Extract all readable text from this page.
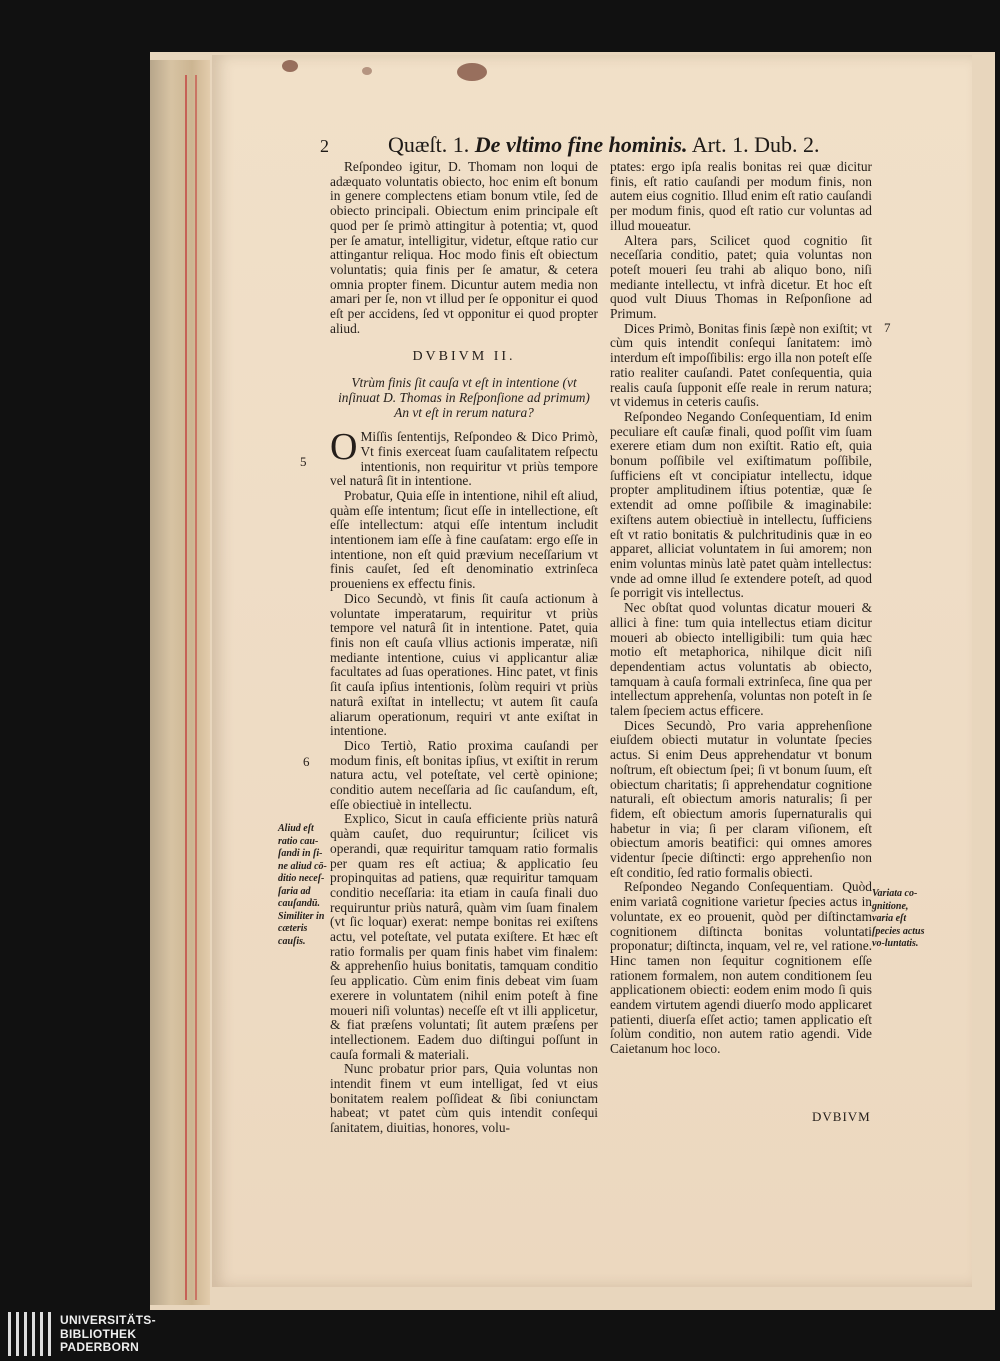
2	Quæſt. 1. De vltimo fine hominis. Art. 1. Dub. 2.

Reſpondeo igitur, D. Thomam non loqui de adæquato voluntatis obiecto, hoc enim eſt bonum in genere complectens etiam bonum vtile, ſed de obiecto principali. Obiectum enim principale eſt quod per ſe primò attingitur à potentia; vt, quod per ſe amatur, intelligitur, videtur, eſtque ratio cur attingantur reliqua. Hoc modo finis eſt obiectum voluntatis; quia finis per ſe amatur, & cetera omnia propter finem. Dicuntur autem media non amari per ſe, non vt illud per ſe opponitur ei quod eſt per accidens, ſed vt opponitur ei quod propter aliud.

DVBIVM II.
Vtrùm finis ſit cauſa vt eſt in intentione (vt inſinuat D. Thomas in Reſponſione ad primum) An vt eſt in rerum natura?

O Miſſis ſententijs, Reſpondeo & Dico Primò, Vt finis exerceat ſuam cauſalitatem reſpectu intentionis, non requiritur vt priùs tempore vel naturâ ſit in intentione.

Probatur, Quia eſſe in intentione, nihil eſt aliud, quàm eſſe intentum; ſicut eſſe in intellectione, eſt eſſe intellectum: atqui eſſe intentum includit intentionem iam eſſe à fine cauſatam: ergo eſſe in intentione, non eſt quid prævium neceſſarium vt finis cauſet, ſed eſt denominatio extrinſeca proueniens ex effectu finis.

Dico Secundò, vt finis ſit cauſa actionum à voluntate imperatarum, requiritur vt priùs tempore vel naturâ ſit in intentione. Patet, quia finis non eſt cauſa vllius actionis imperatæ, niſi mediante intentione, cuius vi applicantur aliæ facultates ad ſuas operationes. Hinc patet, vt finis ſit cauſa ipſius intentionis, ſolùm requiri vt priùs naturâ exiſtat in intellectu; vt autem ſit cauſa aliarum operationum, requiri vt ante exiſtat in intentione.

Dico Tertiò, Ratio proxima cauſandi per modum finis, eſt bonitas ipſius, vt exiſtit in rerum natura actu, vel poteſtate, vel certè opinione; conditio autem neceſſaria ad ſic cauſandum, eſt, eſſe obiectiuè in intellectu.

Explico, Sicut in cauſa efficiente priùs naturâ quàm cauſet, duo requiruntur; ſcilicet vis operandi, quæ requiritur tamquam ratio formalis per quam res eſt actiua; & applicatio ſeu propinquitas ad patiens, quæ requiritur tamquam conditio neceſſaria: ita etiam in cauſa finali duo requiruntur priùs naturâ, quàm vim ſuam finalem (vt ſic loquar) exerat: nempe bonitas rei exiſtens actu, vel poteſtate, vel putata exiſtere. Et hæc eſt ratio formalis per quam finis habet vim finalem: & apprehenſio huius bonitatis, tamquam conditio ſeu applicatio. Cùm enim finis debeat vim ſuam exerere in voluntatem (nihil enim poteſt à fine moueri niſi voluntas) neceſſe eſt vt illi applicetur, & fiat præſens voluntati; ſit autem præſens per intellectionem. Eadem duo diſtingui poſſunt in cauſa formali & materiali.

Nunc probatur prior pars, Quia voluntas non intendit finem vt eum intelligat, ſed vt eius bonitatem realem poſſideat & ſibi coniunctam habeat; vt patet cùm quis intendit conſequi ſanitatem, diuitias, honores, volu-

ptates: ergo ipſa realis bonitas rei quæ dicitur finis, eſt ratio cauſandi per modum finis, non autem eius cognitio. Illud enim eſt ratio cauſandi per modum finis, quod eſt ratio cur voluntas ad illud moueatur.

Altera pars, Scilicet quod cognitio ſit neceſſaria conditio, patet; quia voluntas non poteſt moueri ſeu trahi ab aliquo bono, niſi mediante intellectu, vt infrà dicetur. Et hoc eſt quod vult Diuus Thomas in Reſponſione ad Primum.

Dices Primò, Bonitas finis ſæpè non exiſtit; vt cùm quis intendit conſequi ſanitatem: imò interdum eſt impoſſibilis: ergo illa non poteſt eſſe ratio realiter cauſandi. Patet conſequentia, quia realis cauſa ſupponit eſſe reale in rerum natura; vt videmus in ceteris cauſis.

Reſpondeo Negando Conſequentiam, Id enim peculiare eſt cauſæ finali, quod poſſit vim ſuam exerere etiam dum non exiſtit. Ratio eſt, quia bonum poſſibile vel exiſtimatum poſſibile, ſufficiens eſt vt concipiatur intellectu, idque propter amplitudinem iſtius potentiæ, quæ ſe extendit ad omne poſſibile & imaginabile: exiſtens autem obiectiuè in intellectu, ſufficiens eſt vt ratio bonitatis & pulchritudinis quæ in eo apparet, alliciat voluntatem in ſui amorem; non enim voluntas minùs latè patet quàm intellectus: vnde ad omne illud ſe extendere poteſt, ad quod ſe porrigit vis intellectus.

Nec obſtat quod voluntas dicatur moueri & allici à fine: tum quia intellectus etiam dicitur moueri ab obiecto intelligibili: tum quia hæc motio eſt metaphorica, nihilque dicit niſi dependentiam actus voluntatis ab obiecto, tamquam à cauſa formali extrinſeca, ſine qua per intellectum apprehenſa, voluntas non poteſt in ſe talem ſpeciem actus efficere.

Dices Secundò, Pro varia apprehenſione eiuſdem obiecti mutatur in voluntate ſpecies actus. Si enim Deus apprehendatur vt bonum noſtrum, eſt obiectum ſpei; ſi vt bonum ſuum, eſt obiectum charitatis; ſi apprehendatur cognitione naturali, eſt obiectum amoris naturalis; ſi per fidem, eſt obiectum amoris ſupernaturalis qui habetur in via; ſi per claram viſionem, eſt obiectum amoris beatifici: qui omnes amores videntur ſpecie diſtincti: ergo apprehenſio non eſt conditio, ſed ratio formalis obiecti.

Reſpondeo Negando Conſequentiam. Quòd enim variatâ cognitione varietur ſpecies actus in voluntate, ex eo prouenit, quòd per diſtinctam cognitionem diſtincta bonitas voluntati proponatur; diſtincta, inquam, vel re, vel ratione. Hinc tamen non ſequitur cognitionem eſſe rationem formalem, non autem conditionem ſeu applicationem obiecti: eodem enim modo ſi quis eandem virtutem agendi diuerſo modo applicaret patienti, diuerſa eſſet actio; tamen applicatio eſt ſolùm conditio, non autem ratio agendi. Vide Caietanum hoc loco.

5
6
7
Aliud eſt ratio cau-ſandi in ſi-ne aliud cō-ditio neceſ-ſaria ad cauſandū. Similiter in cæteris cauſis.
Variata co-gnitione, varia eſt ſpecies actus vo-luntatis.
DVBIVM
UNIVERSITÄTS- BIBLIOTHEK PADERBORN
